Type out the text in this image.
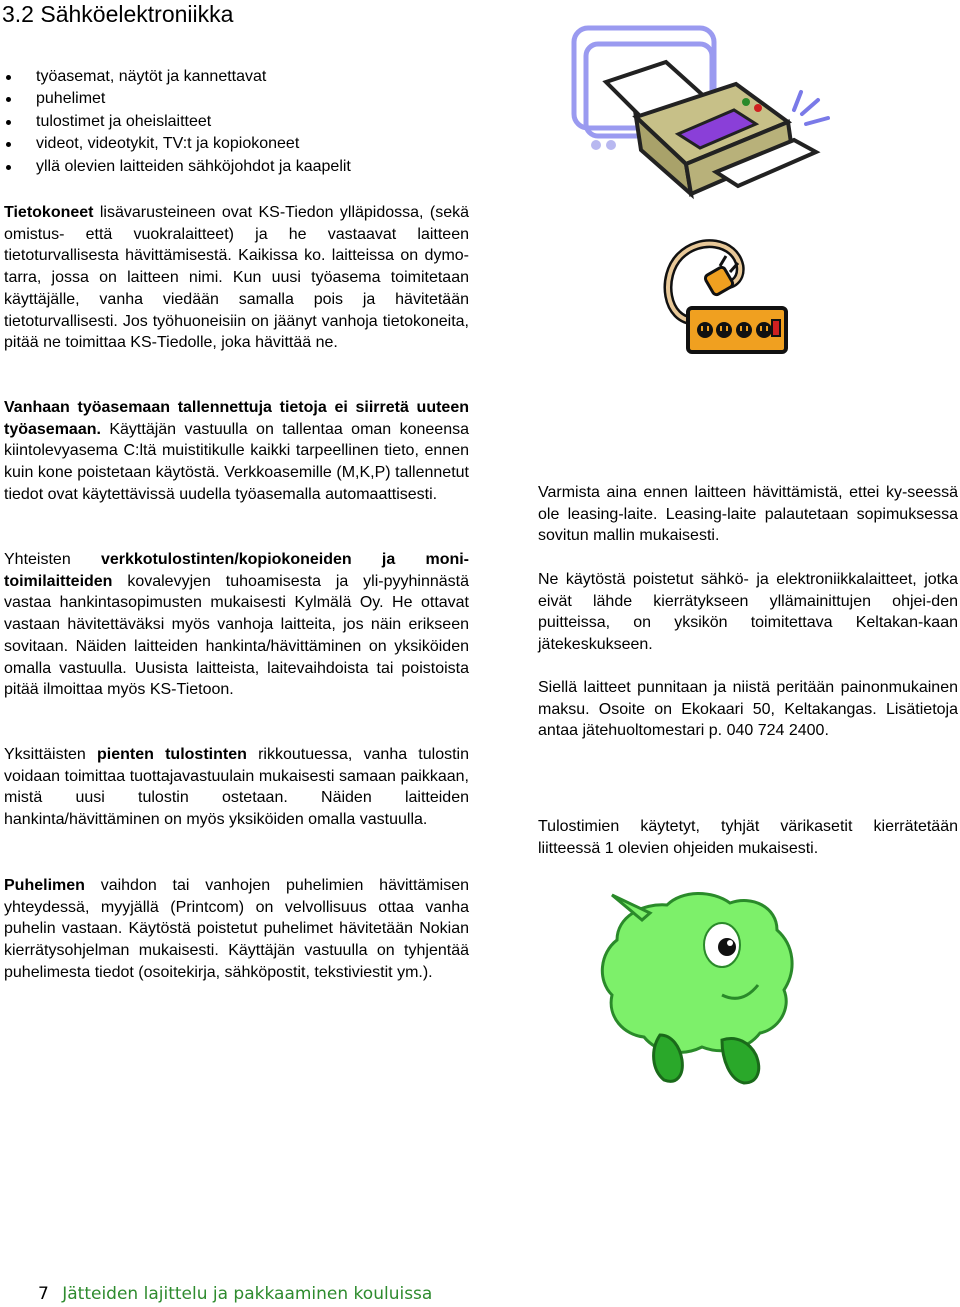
3.2 Sähköelektroniikka
työasemat, näytöt ja kannettavat
puhelimet
tulostimet ja oheislaitteet
videot, videotykit, TV:t ja kopiokoneet
yllä olevien laitteiden sähköjohdot ja kaapelit

Tietokoneet lisävarusteineen ovat KS-Tiedon ylläpidossa, (sekä omistus- että vuokralaitteet) ja he vastaavat laitteen tietoturvallisesta hävittämisestä. Kaikissa ko. laitteissa on dymo-tarra, jossa on laitteen nimi. Kun uusi työasema toimitetaan käyttäjälle, vanha viedään samalla pois ja hävitetään tietoturvallisesti. Jos työhuoneisiin on jäänyt vanhoja tietokoneita, pitää ne toimittaa KS-Tiedolle, joka hävittää ne.

Vanhaan työasemaan tallennettuja tietoja ei siirretä uuteen työasemaan. Käyttäjän vastuulla on tallentaa oman koneensa kiintolevyasema C:ltä muistitikulle kaikki tarpeellinen tieto, ennen kuin kone poistetaan käytöstä. Verkkoasemille (M,K,P) tallennetut tiedot ovat käytettävissä uudella työasemalla automaattisesti.

Yhteisten verkkotulostinten/kopiokoneiden ja moni-toimilaitteiden kovalevyjen tuhoamisesta ja yli-pyyhinnästä vastaa hankintasopimusten mukaisesti Kylmälä Oy. He ottavat vastaan hävitettäväksi myös vanhoja laitteita, jos näin erikseen sovitaan. Näiden laitteiden hankinta/hävittäminen on yksiköiden omalla vastuulla. Uusista laitteista, laitevaihdoista tai poistoista pitää ilmoittaa myös KS-Tietoon.

Yksittäisten pienten tulostinten rikkoutuessa, vanha tulostin voidaan toimittaa tuottajavastuulain mukaisesti samaan paikkaan, mistä uusi tulostin ostetaan. Näiden laitteiden hankinta/hävittäminen on myös yksiköiden omalla vastuulla.

Puhelimen vaihdon tai vanhojen puhelimien hävittämisen yhteydessä, myyjällä (Printcom) on velvollisuus ottaa vanha puhelin vastaan. Käytöstä poistetut puhelimet hävitetään Nokian kierrätysohjelman mukaisesti. Käyttäjän vastuulla on tyhjentää puhelimesta tiedot (osoitekirja, sähköpostit, tekstiviestit ym.).

Varmista aina ennen laitteen hävittämistä, ettei ky-seessä ole leasing-laite. Leasing-laite palautetaan sopimuksessa sovitun mallin mukaisesti.

Ne käytöstä poistetut sähkö- ja elektroniikkalaitteet, jotka eivät lähde kierrätykseen yllämainittujen ohjei-den puitteissa, on yksikön toimitettava Keltakan-kaan jätekeskukseen.

Siellä laitteet punnitaan ja niistä peritään painonmukainen maksu. Osoite on Ekokaari 50, Keltakangas. Lisätietoja antaa jätehuoltomestari p. 040 724 2400.

Tulostimien käytetyt, tyhjät värikasetit kierrätetään liitteessä 1 olevien ohjeiden mukaisesti.

7 Jätteiden lajittelu ja pakkaaminen kouluissa
